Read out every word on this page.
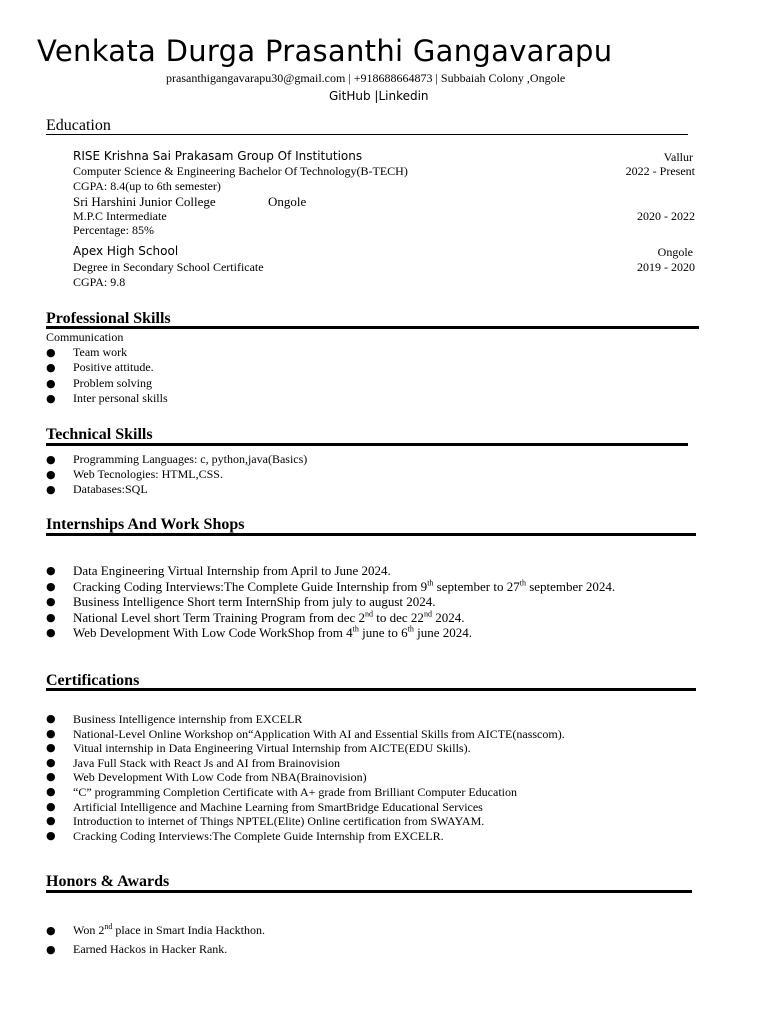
Venkata Durga Prasanthi Gangavarapu
prasanthigangavarapu30@gmail.com | +918688664873 | Subbaiah Colony ,Ongole
GitHub |Linkedin
Education
RISE Krishna Sai Prakasam Group Of Institutions	Vallur
Computer Science & Engineering Bachelor Of Technology(B-TECH)	2022 - Present
CGPA: 8.4(up to 6th semester)
Sri Harshini Junior College	Ongole
M.P.C Intermediate	2020 - 2022
Percentage: 85%
Apex High School	Ongole
Degree in Secondary School Certificate	2019 - 2020
CGPA: 9.8
Professional Skills
Communication
● Team work
● Positive attitude.
● Problem solving
● Inter personal skills
Technical Skills
● Programming Languages: c, python,java(Basics)
● Web Tecnologies: HTML,CSS.
● Databases:SQL
Internships And Work Shops
● Data Engineering Virtual Internship from April to June 2024.
● Cracking Coding Interviews:The Complete Guide Internship from 9th september to 27th september 2024.
● Business Intelligence Short term InternShip from july to august 2024.
● National Level short Term Training Program from dec 2nd to dec 22nd 2024.
● Web Development With Low Code WorkShop from 4th june to 6th june 2024.
Certifications
● Business Intelligence internship from EXCELR
● National-Level Online Workshop on“Application With AI and Essential Skills from AICTE(nasscom).
● Vitual internship in Data Engineering Virtual Internship from AICTE(EDU Skills).
● Java Full Stack with React Js and AI from Brainovision
● Web Development With Low Code from NBA(Brainovision)
● “C” programming Completion Certificate with A+ grade from Brilliant Computer Education
● Artificial Intelligence and Machine Learning from SmartBridge Educational Services
● Introduction to internet of Things NPTEL(Elite) Online certification from SWAYAM.
● Cracking Coding Interviews:The Complete Guide Internship from EXCELR.
Honors & Awards
● Won 2nd place in Smart India Hackthon.
● Earned Hackos in Hacker Rank.
